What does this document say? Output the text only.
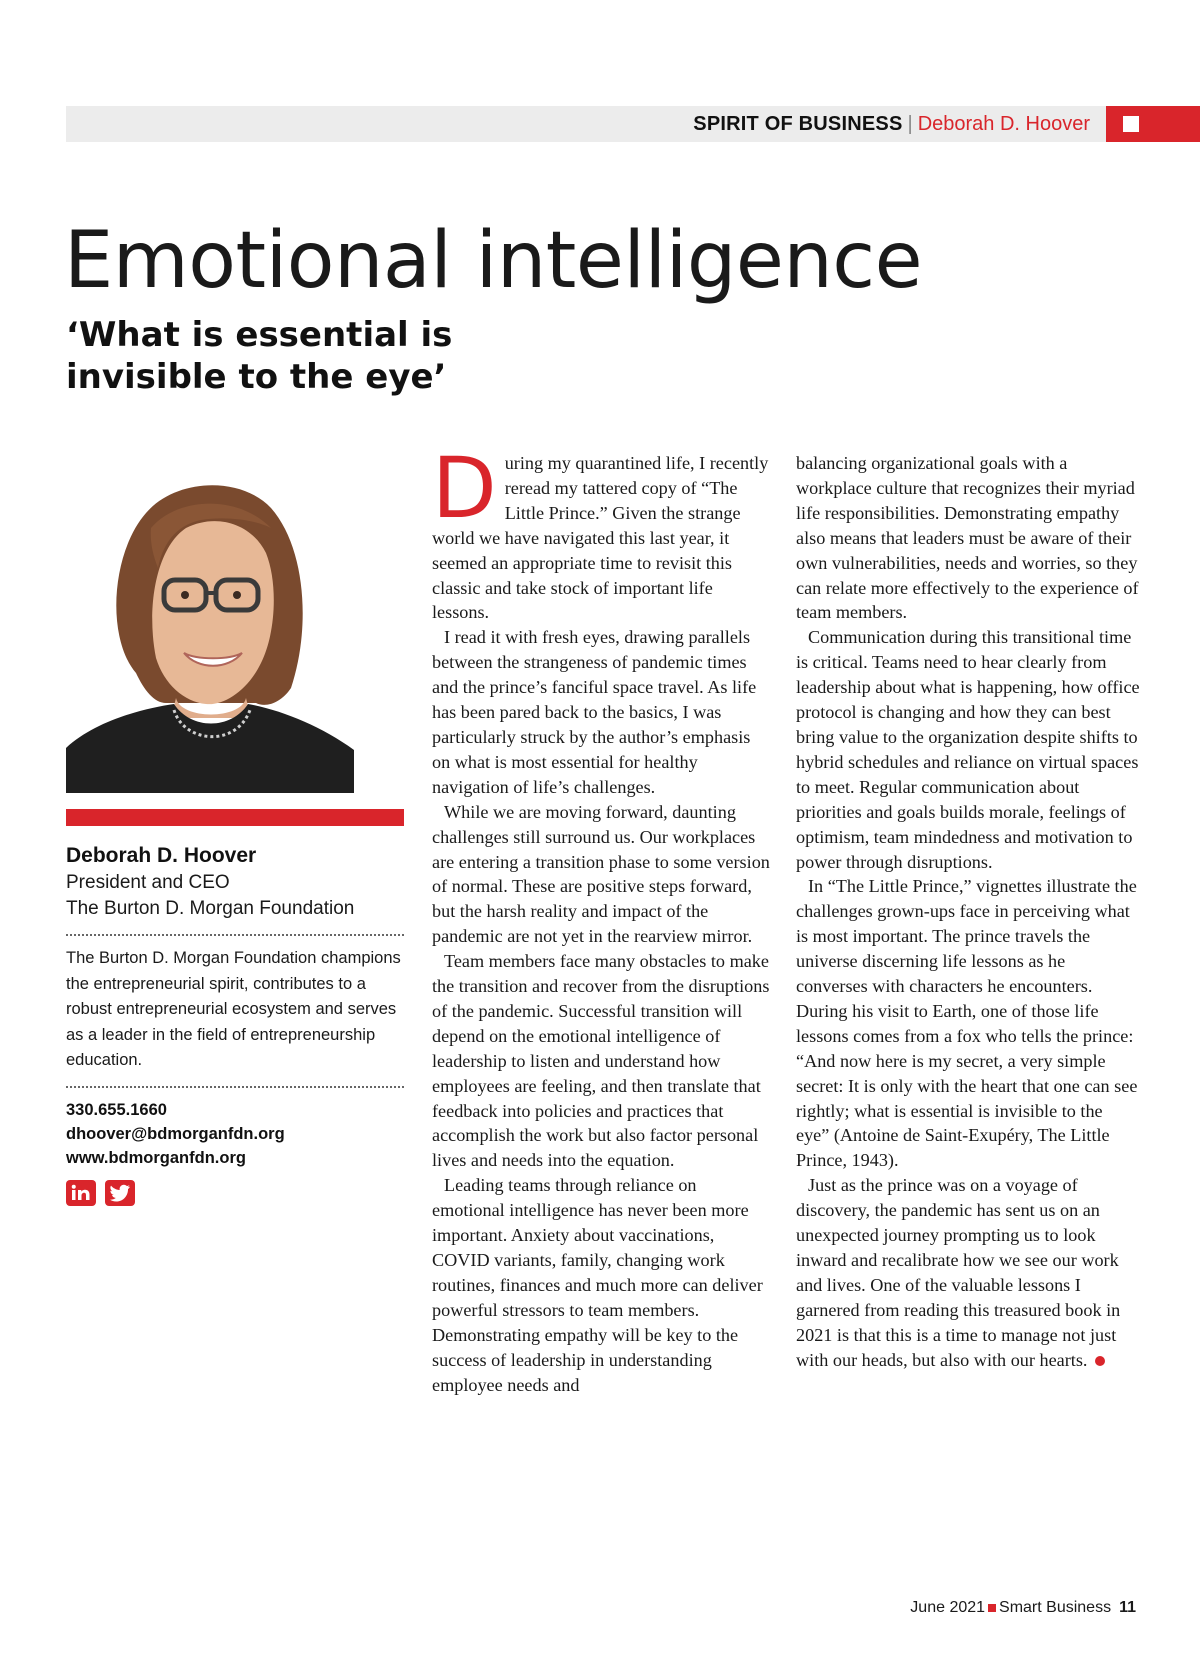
SPIRIT OF BUSINESS | Deborah D. Hoover
Emotional intelligence
‘What is essential is invisible to the eye’
Deborah D. Hoover
President and CEO
The Burton D. Morgan Foundation
The Burton D. Morgan Foundation champions the entrepreneurial spirit, contributes to a robust entrepreneurial ecosystem and serves as a leader in the field of entrepreneurship education.
330.655.1660
dhoover@bdmorganfdn.org
www.bdmorganfdn.org

During my quarantined life, I recently reread my tattered copy of “The Little Prince.” Given the strange world we have navigated this last year, it seemed an appropriate time to revisit this classic and take stock of important life lessons.

I read it with fresh eyes, drawing parallels between the strangeness of pandemic times and the prince’s fanciful space travel. As life has been pared back to the basics, I was particularly struck by the author’s emphasis on what is most essential for healthy navigation of life’s challenges.

While we are moving forward, daunting challenges still surround us. Our workplaces are entering a transition phase to some version of normal. These are positive steps forward, but the harsh reality and impact of the pandemic are not yet in the rearview mirror.

Team members face many obstacles to make the transition and recover from the disruptions of the pandemic. Successful transition will depend on the emotional intelligence of leadership to listen and understand how employees are feeling, and then translate that feedback into policies and practices that accomplish the work but also factor personal lives and needs into the equation.

Leading teams through reliance on emotional intelligence has never been more important. Anxiety about vaccinations, COVID variants, family, changing work routines, finances and much more can deliver powerful stressors to team members. Demonstrating empathy will be key to the success of leadership in understanding employee needs and

balancing organizational goals with a workplace culture that recognizes their myriad life responsibilities. Demonstrating empathy also means that leaders must be aware of their own vulnerabilities, needs and worries, so they can relate more effectively to the experience of team members.

Communication during this transitional time is critical. Teams need to hear clearly from leadership about what is happening, how office protocol is changing and how they can best bring value to the organization despite shifts to hybrid schedules and reliance on virtual spaces to meet. Regular communication about priorities and goals builds morale, feelings of optimism, team mindedness and motivation to power through disruptions.

In “The Little Prince,” vignettes illustrate the challenges grown-ups face in perceiving what is most important. The prince travels the universe discerning life lessons as he converses with characters he encounters. During his visit to Earth, one of those life lessons comes from a fox who tells the prince: “And now here is my secret, a very simple secret: It is only with the heart that one can see rightly; what is essential is invisible to the eye” (Antoine de Saint-Exupéry, The Little Prince, 1943).

Just as the prince was on a voyage of discovery, the pandemic has sent us on an unexpected journey prompting us to look inward and recalibrate how we see our work and lives. One of the valuable lessons I garnered from reading this treasured book in 2021 is that this is a time to manage not just with our heads, but also with our hearts.

June 2021 Smart Business 11
